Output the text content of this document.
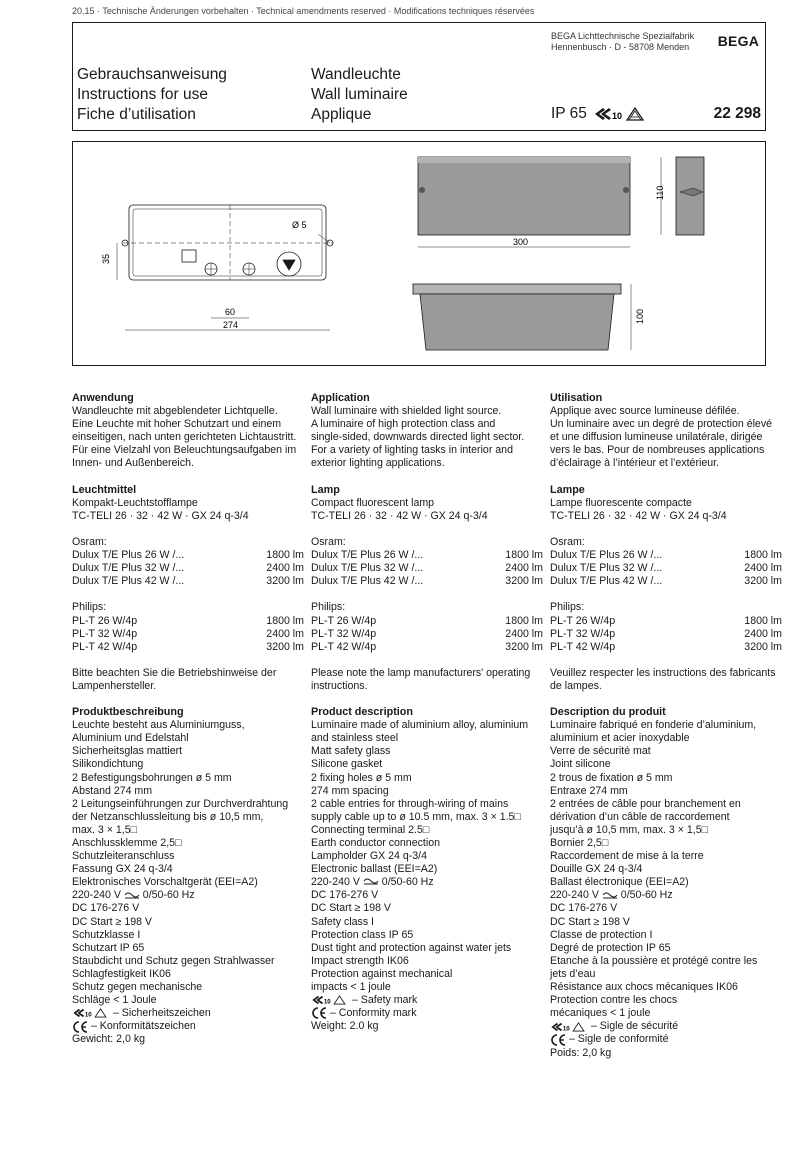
20.15 · Technische Änderungen vorbehalten · Technical amendments reserved · Modifications techniques réservées
BEGA Lichttechnische Spezialfabrik
Hennenbusch · D - 58708 Menden	BEGA
Gebrauchsanweisung
Instructions for use
Fiche d’utilisation
Wandleuchte
Wall luminaire
Applique	IP 65	10	22 298
Ø 5
35
60
274
300
110
100
Anwendung

Wandleuchte mit abgeblendeter Lichtquelle.

Eine Leuchte mit hoher Schutzart und einem

einseitigen, nach unten gerichteten Lichtaustritt.

Für eine Vielzahl von Beleuchtungsaufgaben im

Innen- und Außenbereich.

Leuchtmittel

Kompakt-Leuchtstofflampe

TC-TELI 26 · 32 · 42 W · GX 24 q-3/4

Osram:

Dulux T/E Plus 26 W /...	1800 lm
Dulux T/E Plus 32 W /...	2400 lm
Dulux T/E Plus 42 W /...	3200 lm

Philips:

PL-T 26 W/4p	1800 lm
PL-T 32 W/4p	2400 lm
PL-T 42 W/4p	3200 lm

Bitte beachten Sie die Betriebshinweise der

Lampenhersteller.

Produktbeschreibung

Leuchte besteht aus Aluminiumguss,

Aluminium und Edelstahl

Sicherheitsglas mattiert

Silikondichtung

2 Befestigungsbohrungen ø 5 mm

Abstand 274 mm

2 Leitungseinführungen zur Durchverdrahtung

der Netzanschlussleitung bis ø 10,5 mm,

max. 3 × 1,5□

Anschlussklemme 2,5□

Schutzleiteranschluss

Fassung GX 24 q-3/4

Elektronisches Vorschaltgerät (EEI=A2)

220-240 V 0/50-60 Hz

DC 176-276 V

DC Start ≥ 198 V

Schutzklasse I

Schutzart IP 65

Staubdicht und Schutz gegen Strahlwasser

Schlagfestigkeit IK06

Schutz gegen mechanische

Schläge < 1 Joule

10 – Sicherheitszeichen

– Konformitätszeichen

Gewicht: 2,0 kg

Application

Wall luminaire with shielded light source.

A luminaire of high protection class and

single-sided, downwards directed light sector.

For a variety of lighting tasks in interior and

exterior lighting applications.

Lamp

Compact fluorescent lamp

TC-TELI 26 · 32 · 42 W · GX 24 q-3/4

Osram:

Dulux T/E Plus 26 W /...	1800 lm
Dulux T/E Plus 32 W /...	2400 lm
Dulux T/E Plus 42 W /...	3200 lm

Philips:

PL-T 26 W/4p	1800 lm
PL-T 32 W/4p	2400 lm
PL-T 42 W/4p	3200 lm

Please note the lamp manufacturers' operating

instructions.

Product description

Luminaire made of aluminium alloy, aluminium

and stainless steel

Matt safety glass

Silicone gasket

2 fixing holes ø 5 mm

274 mm spacing

2 cable entries for through-wiring of mains

supply cable up to ø 10.5 mm, max. 3 × 1.5□

Connecting terminal 2.5□

Earth conductor connection

Lampholder GX 24 q-3/4

Electronic ballast (EEI=A2)

220-240 V 0/50-60 Hz

DC 176-276 V

DC Start ≥ 198 V

Safety class I

Protection class IP 65

Dust tight and protection against water jets

Impact strength IK06

Protection against mechanical

impacts < 1 joule

10 – Safety mark

– Conformity mark

Weight: 2.0 kg

Utilisation

Applique avec source lumineuse défilée.

Un luminaire avec un degré de protection élevé

et une diffusion lumineuse unilatérale, dirigée

vers le bas. Pour de nombreuses applications

d’éclairage à l’intérieur et l’extérieur.

Lampe

Lampe fluorescente compacte

TC-TELI 26 · 32 · 42 W · GX 24 q-3/4

Osram:

Dulux T/E Plus 26 W /...	1800 lm
Dulux T/E Plus 32 W /...	2400 lm
Dulux T/E Plus 42 W /...	3200 lm

Philips:

PL-T 26 W/4p	1800 lm
PL-T 32 W/4p	2400 lm
PL-T 42 W/4p	3200 lm

Veuillez respecter les instructions des fabricants

de lampes.

Description du produit

Luminaire fabriqué en fonderie d’aluminium,

aluminium et acier inoxydable

Verre de sécurité mat

Joint silicone

2 trous de fixation ø 5 mm

Entraxe 274 mm

2 entrées de câble pour branchement en

dérivation d’un câble de raccordement

jusqu’à ø 10,5 mm, max. 3 × 1,5□

Bornier 2,5□

Raccordement de mise à la terre

Douille GX 24 q-3/4

Ballast électronique (EEI=A2)

220-240 V 0/50-60 Hz

DC 176-276 V

DC Start ≥ 198 V

Classe de protection I

Degré de protection IP 65

Etanche à la poussière et protégé contre les

jets d’eau

Résistance aux chocs mécaniques IK06

Protection contre les chocs

mécaniques < 1 joule

10 – Sigle de sécurité

– Sigle de conformité

Poids: 2,0 kg
